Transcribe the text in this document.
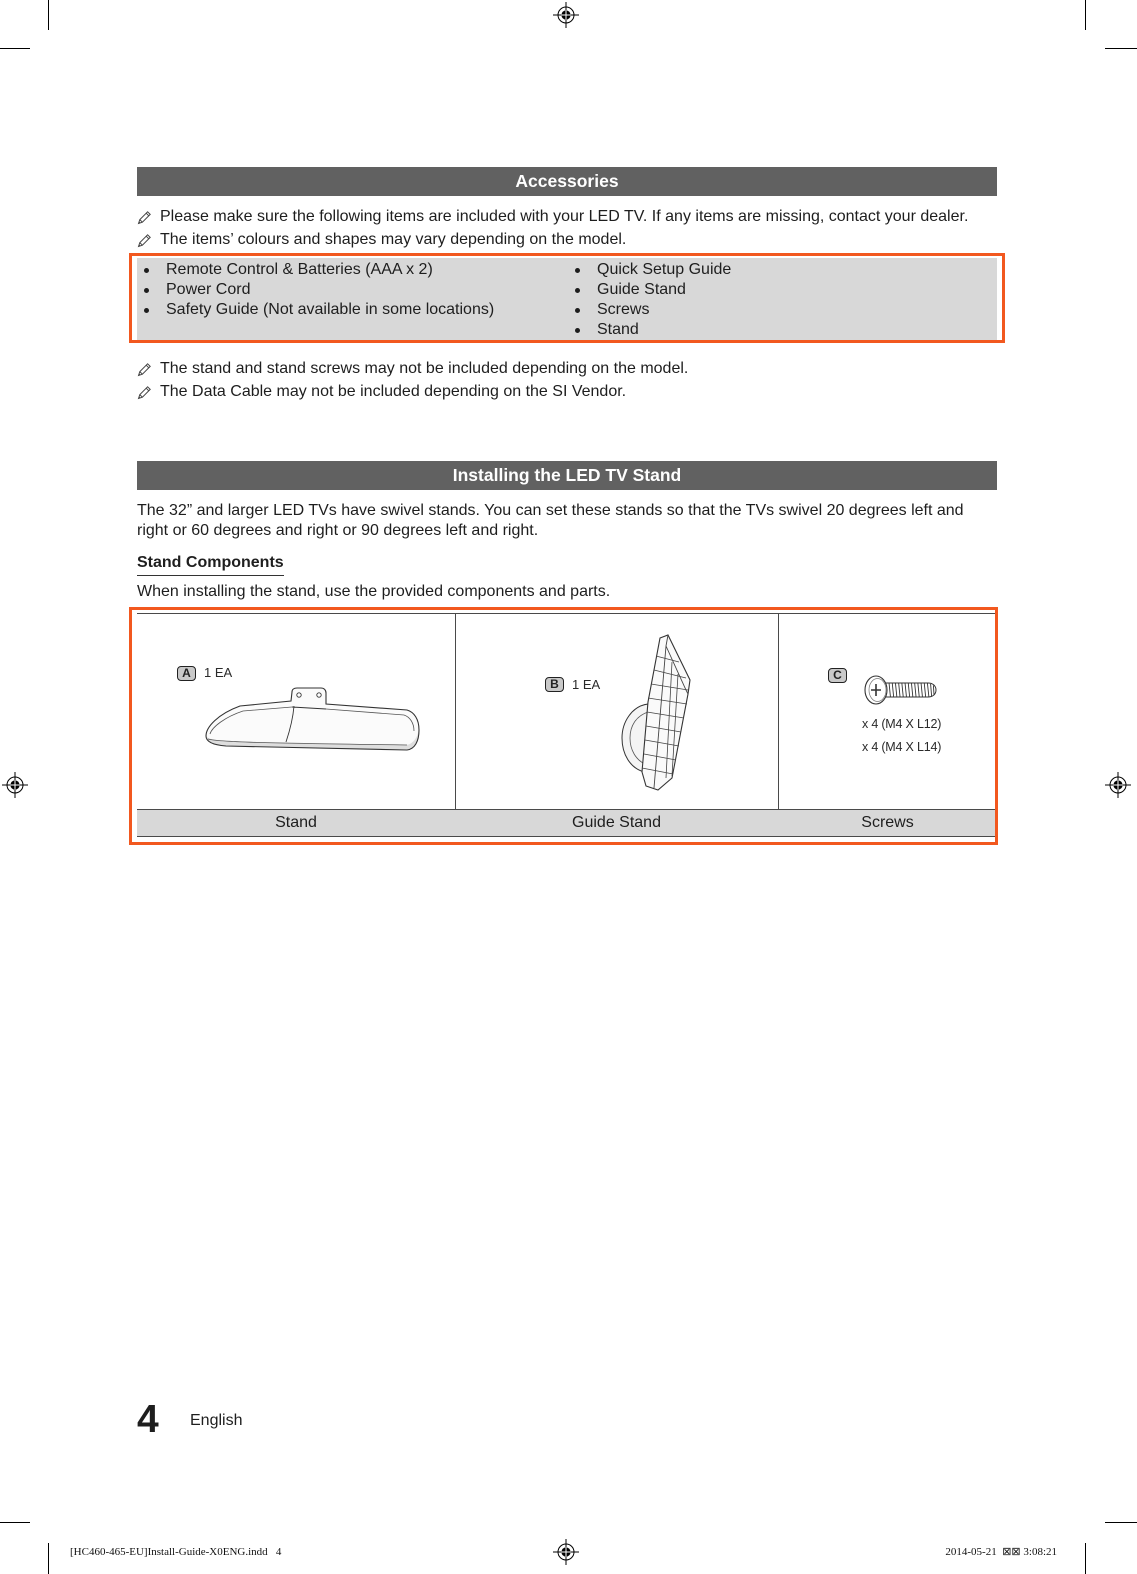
Accessories
Please make sure the following items are included with your LED TV. If any items are missing, contact your dealer.
The items’ colours and shapes may vary depending on the model.
Remote Control & Batteries (AAA x 2)
Power Cord
Safety Guide (Not available in some locations)
Quick Setup Guide
Guide Stand
Screws
Stand
The stand and stand screws may not be included depending on the model.
The Data Cable may not be included depending on the SI Vendor.
Installing the LED TV Stand
The 32” and larger LED TVs have swivel stands. You can set these stands so that the TVs swivel 20 degrees left and
right or 60 degrees and right or 90 degrees left and right.
Stand Components
When installing the stand, use the provided components and parts.
A	1 EA
B	1 EA
C
x 4 (M4 X L12)
x 4 (M4 X L14)
Stand	Guide Stand	Screws
4 English
[HC460-465-EU]Install-Guide-X0ENG.indd   4	2014-05-21  ⊠⊠ 3:08:21
